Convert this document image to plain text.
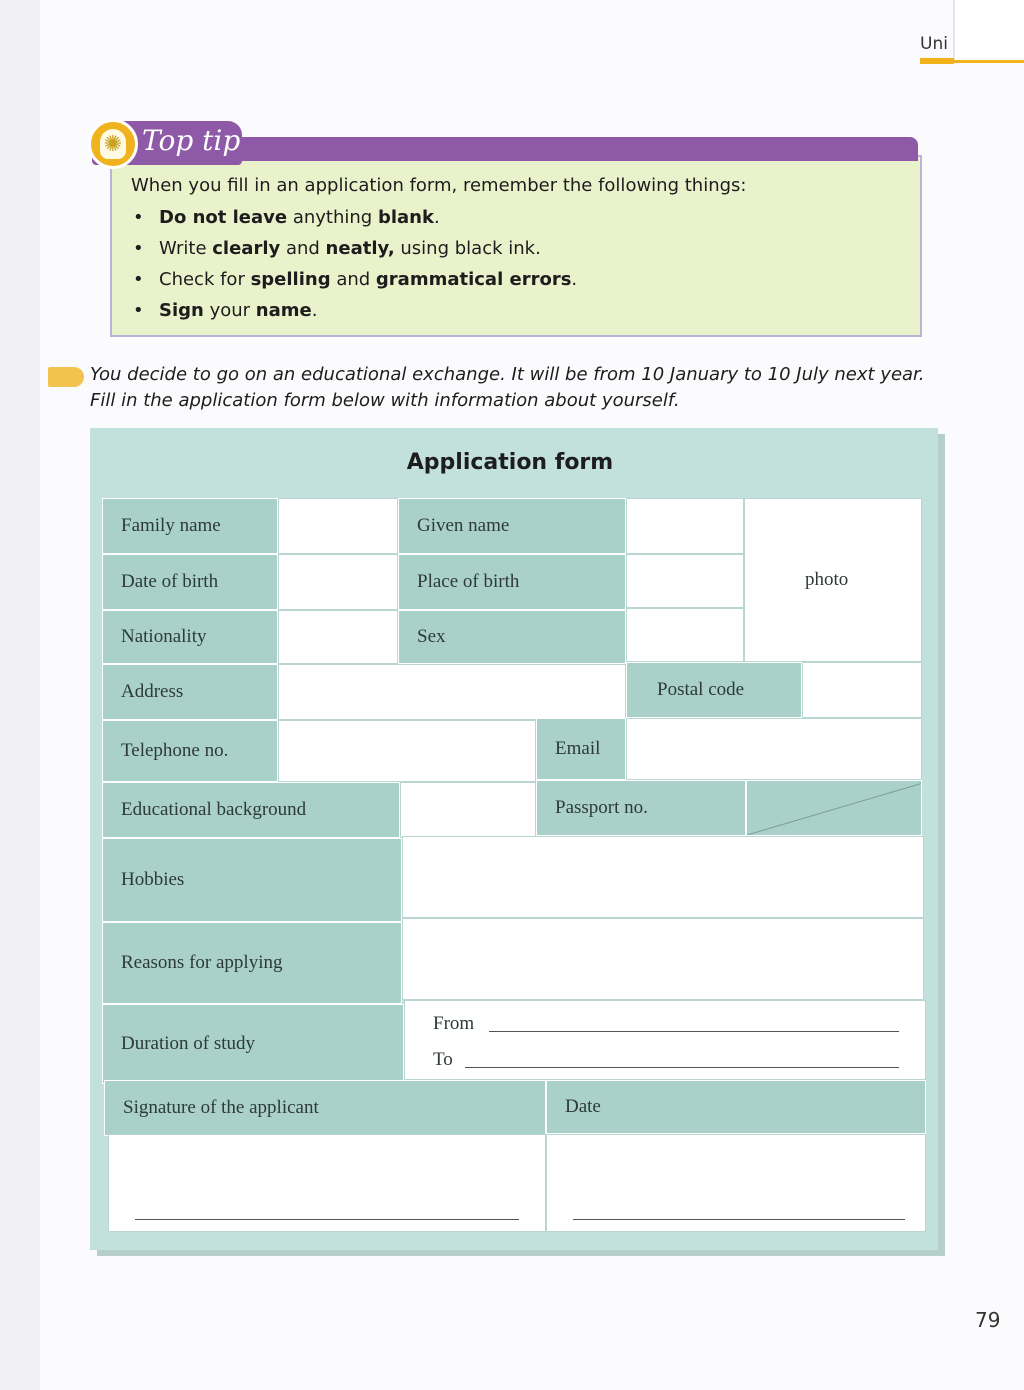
Uni
✺ Top tip
When you fill in an application form, remember the following things:
• Do not leave anything blank.
• Write clearly and neatly, using black ink.
• Check for spelling and grammatical errors.
• Sign your name.
You decide to go on an educational exchange. It will be from 10 January to 10 July next year. Fill in the application form below with information about yourself.
Application form
Family name	Given name
photo
Date of birth	Place of birth
Nationality	Sex
Address	Postal code
Telephone no.	Email
Educational background	Passport no.
Hobbies
Reasons for applying
Duration of study
From
To
Signature of the applicant	Date
79
